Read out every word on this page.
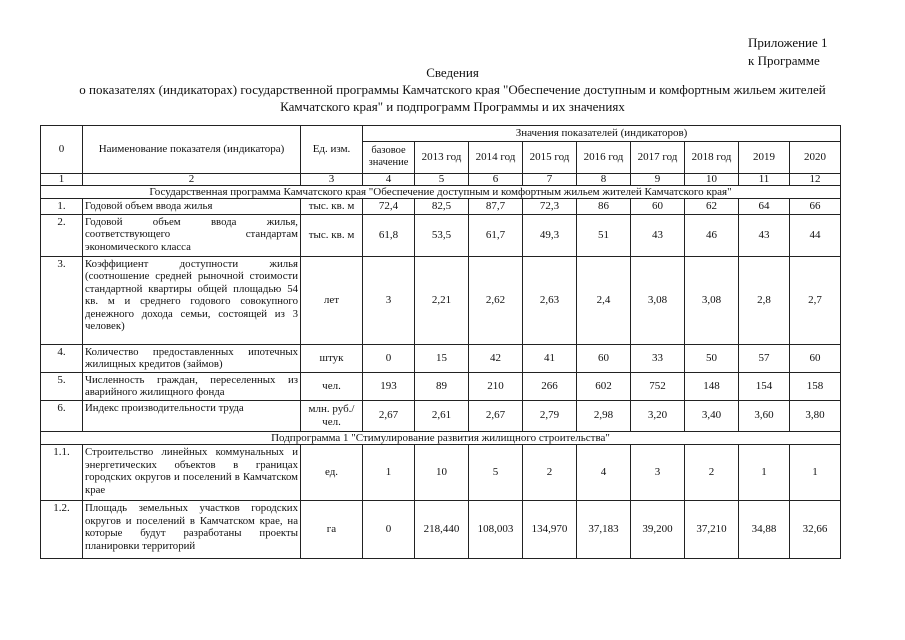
Приложение 1
к Программе
Сведения
о показателях (индикаторах) государственной программы Камчатского края "Обеспечение доступным и комфортным жильем жителей
Камчатского края" и подпрограмм Программы и их значениях
0	Наименование показателя (индикатора)	Ед. изм.	Значения показателей (индикаторов)								
			базовое значение	2013 год	2014 год	2015 год	2016 год	2017 год	2018 год	2019	2020
1	2	3	4	5	6	7	8	9	10	11	12
Государственная программа Камчатского края "Обеспечение доступным и комфортным жильем жителей Камчатского края"											
1.	Годовой объем ввода жилья	тыс. кв. м	72,4	82,5	87,7	72,3	86	60	62	64	66
2.	Годовой объем ввода жилья, соответствующего стандартам экономического класса	тыс. кв. м	61,8	53,5	61,7	49,3	51	43	46	43	44
3.	Коэффициент доступности жилья (соотношение средней рыночной стоимости стандартной квартиры общей площадью 54 кв. м и среднего годового совокупного денежного дохода семьи, состоящей из 3 человек)	лет	3	2,21	2,62	2,63	2,4	3,08	3,08	2,8	2,7
4.	Количество предоставленных ипотечных жилищных кредитов (займов)	штук	0	15	42	41	60	33	50	57	60
5.	Численность граждан, переселенных из аварийного жилищного фонда	чел.	193	89	210	266	602	752	148	154	158
6.	Индекс производительности труда	млн. руб./чел.	2,67	2,61	2,67	2,79	2,98	3,20	3,40	3,60	3,80
Подпрограмма 1 "Стимулирование развития жилищного строительства"											
1.1.	Строительство линейных коммунальных и энергетических объектов в границах городских округов и поселений в Камчатском крае	ед.	1	10	5	2	4	3	2	1	1
1.2.	Площадь земельных участков городских округов и поселений в Камчатском крае, на которые будут разработаны проекты планировки территорий	га	0	218,440	108,003	134,970	37,183	39,200	37,210	34,88	32,66
